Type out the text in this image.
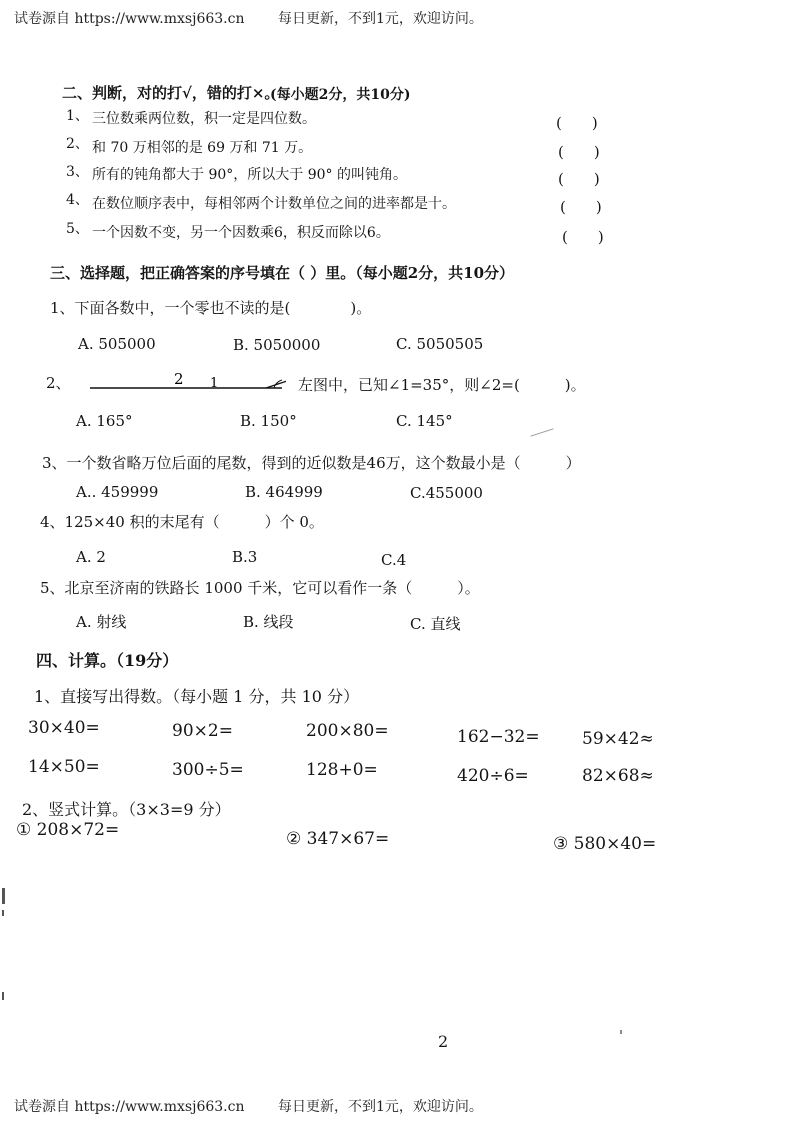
试卷源自 https://www.mxsj663.cn 每日更新，不到1元，欢迎访问。
二、判断，对的打√，错的打×。
(每小题2分，共10分)
1、 三位数乘两位数，积一定是四位数。	(　　)
2、 和 70 万相邻的是 69 万和 71 万。	(　　)
3、 所有的钝角都大于 90°，所以大于 90° 的叫钝角。	(　　)
4、 在数位顺序表中，每相邻两个计数单位之间的进率都是十。	(　　)
5、 一个因数不变，另一个因数乘6，积反而除以6。	(　　)
三、选择题，把正确答案的序号填在（ ）里。（每小题2分，共10分）
1、下面各数中，一个零也不读的是(　　　　)。
A. 505000	B. 5050000	C. 5050505
2、	2 1	左图中，已知∠1=35°，则∠2=(　　　)。
A. 165°	B. 150°	C. 145°
3、一个数省略万位后面的尾数，得到的近似数是46万，这个数最小是（　　　）
A.. 459999	B. 464999	C.455000
4、125×40 积的末尾有（　　　）个 0。
A. 2	B.3	C.4
5、北京至济南的铁路长 1000 千米，它可以看作一条（　　　）。
A. 射线	B. 线段	C. 直线
四、计算。（19分）
1、直接写出得数。（每小题 1 分，共 10 分）
30×40=	90×2=	200×80=	162−32= 59×42≈
14×50=	300÷5=	128+0=	420÷6=	82×68≈
2、竖式计算。（3×3=9 分）
① 208×72=	② 347×67=	③ 580×40=
2
试卷源自 https://www.mxsj663.cn 每日更新，不到1元，欢迎访问。
